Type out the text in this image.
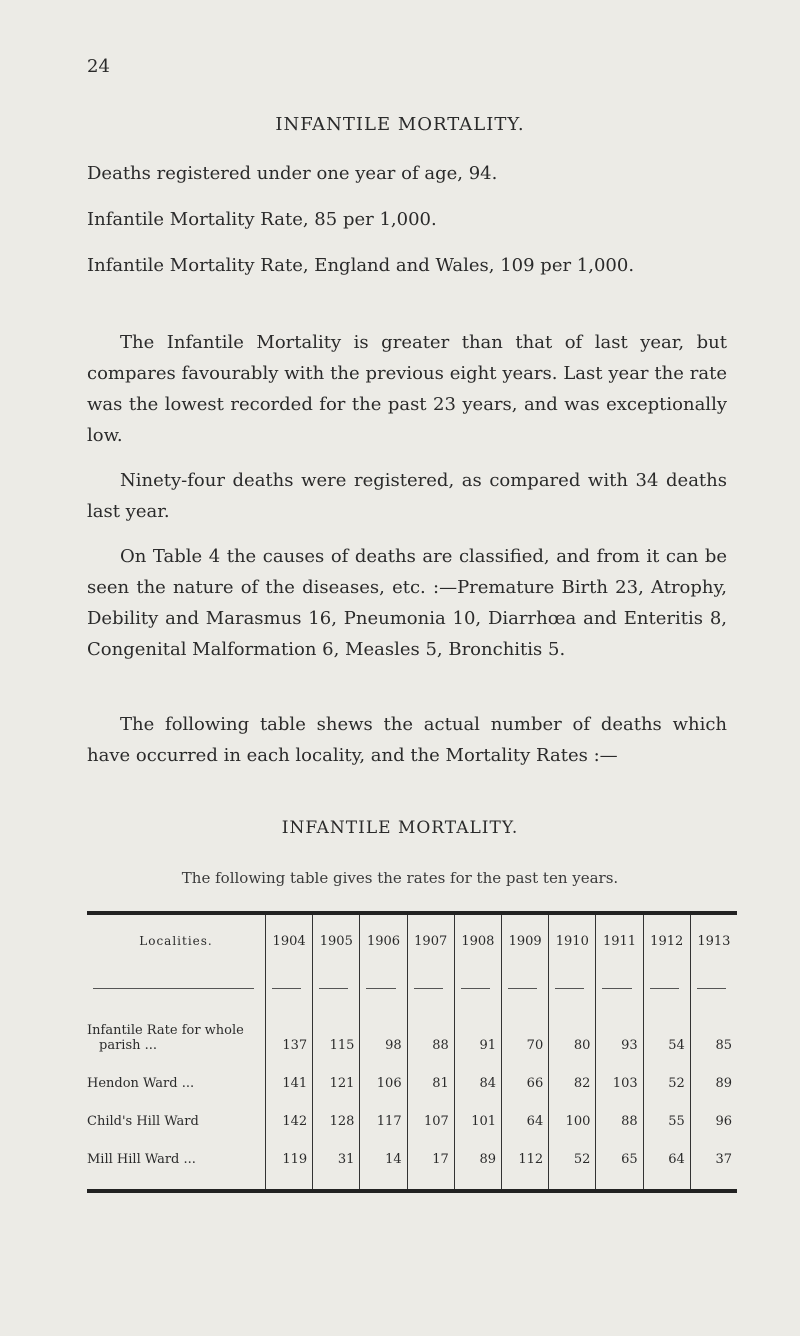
24
INFANTILE MORTALITY.
Deaths registered under one year of age, 94.
Infantile Mortality Rate, 85 per 1,000.
Infantile Mortality Rate, England and Wales, 109 per 1,000.
The Infantile Mortality is greater than that of last year, but compares favourably with the previous eight years. Last year the rate was the lowest recorded for the past 23 years, and was exceptionally low.
Ninety-four deaths were registered, as compared with 34 deaths last year.
On Table 4 the causes of deaths are classified, and from it can be seen the nature of the diseases, etc. :—Premature Birth 23, Atrophy, Debility and Marasmus 16, Pneumonia 10, Diarrhœa and Enteritis 8, Congenital Malformation 6, Measles 5, Bronchitis 5.
The following table shews the actual number of deaths which have occurred in each locality, and the Mortality Rates :—
INFANTILE MORTALITY.
The following table gives the rates for the past ten years.
Localities.	1904	1905	1906	1907	1908	1909	1910	1911	1912	1913

Infantile Rate for whole parish ...	137	115	98	88	91	70	80	93	54	85
Hendon Ward ...	141	121	106	81	84	66	82	103	52	89
Child's Hill Ward	142	128	117	107	101	64	100	88	55	96
Mill Hill Ward ...	119	31	14	17	89	112	52	65	64	37
